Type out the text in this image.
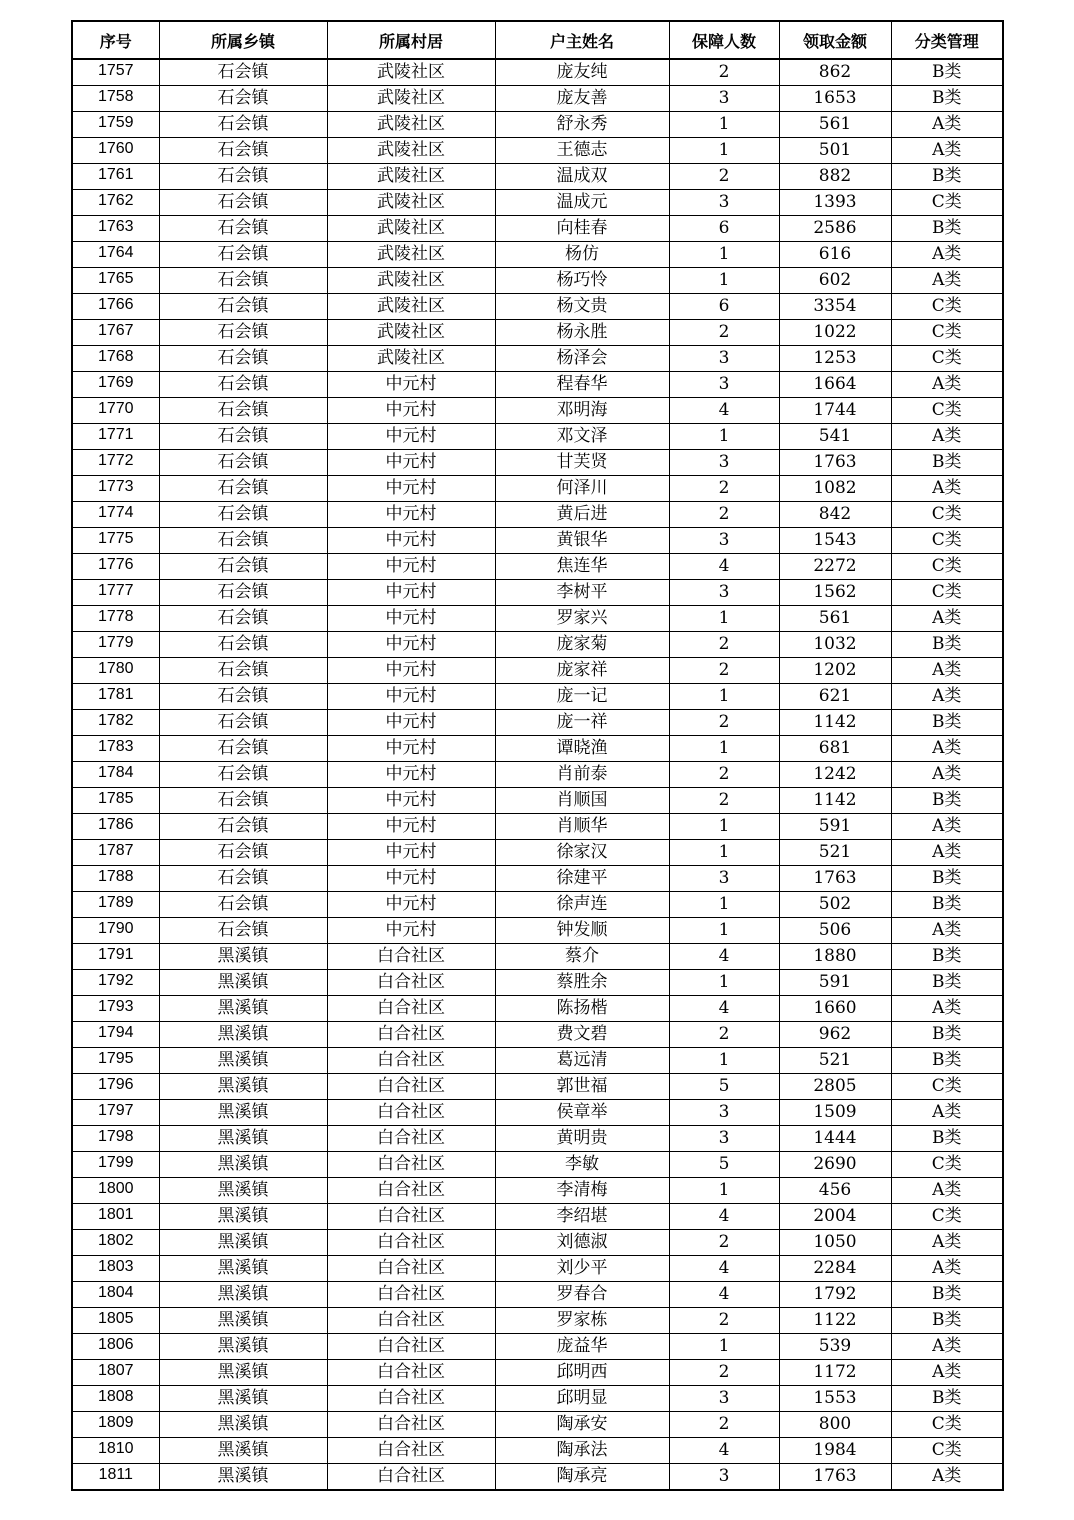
序号	所属乡镇	所属村居	户主姓名	保障人数	领取金额	分类管理
1757	石会镇	武陵社区	庞友纯	2	862	B类
1758	石会镇	武陵社区	庞友善	3	1653	B类
1759	石会镇	武陵社区	舒永秀	1	561	A类
1760	石会镇	武陵社区	王德志	1	501	A类
1761	石会镇	武陵社区	温成双	2	882	B类
1762	石会镇	武陵社区	温成元	3	1393	C类
1763	石会镇	武陵社区	向桂春	6	2586	B类
1764	石会镇	武陵社区	杨仿	1	616	A类
1765	石会镇	武陵社区	杨巧怜	1	602	A类
1766	石会镇	武陵社区	杨文贵	6	3354	C类
1767	石会镇	武陵社区	杨永胜	2	1022	C类
1768	石会镇	武陵社区	杨泽会	3	1253	C类
1769	石会镇	中元村	程春华	3	1664	A类
1770	石会镇	中元村	邓明海	4	1744	C类
1771	石会镇	中元村	邓文泽	1	541	A类
1772	石会镇	中元村	甘芙贤	3	1763	B类
1773	石会镇	中元村	何泽川	2	1082	A类
1774	石会镇	中元村	黄后进	2	842	C类
1775	石会镇	中元村	黄银华	3	1543	C类
1776	石会镇	中元村	焦连华	4	2272	C类
1777	石会镇	中元村	李树平	3	1562	C类
1778	石会镇	中元村	罗家兴	1	561	A类
1779	石会镇	中元村	庞家菊	2	1032	B类
1780	石会镇	中元村	庞家祥	2	1202	A类
1781	石会镇	中元村	庞一记	1	621	A类
1782	石会镇	中元村	庞一祥	2	1142	B类
1783	石会镇	中元村	谭晓渔	1	681	A类
1784	石会镇	中元村	肖前泰	2	1242	A类
1785	石会镇	中元村	肖顺国	2	1142	B类
1786	石会镇	中元村	肖顺华	1	591	A类
1787	石会镇	中元村	徐家汉	1	521	A类
1788	石会镇	中元村	徐建平	3	1763	B类
1789	石会镇	中元村	徐声连	1	502	B类
1790	石会镇	中元村	钟发顺	1	506	A类
1791	黑溪镇	白合社区	蔡介	4	1880	B类
1792	黑溪镇	白合社区	蔡胜余	1	591	B类
1793	黑溪镇	白合社区	陈扬楷	4	1660	A类
1794	黑溪镇	白合社区	费文碧	2	962	B类
1795	黑溪镇	白合社区	葛远清	1	521	B类
1796	黑溪镇	白合社区	郭世福	5	2805	C类
1797	黑溪镇	白合社区	侯章举	3	1509	A类
1798	黑溪镇	白合社区	黄明贵	3	1444	B类
1799	黑溪镇	白合社区	李敏	5	2690	C类
1800	黑溪镇	白合社区	李清梅	1	456	A类
1801	黑溪镇	白合社区	李绍堪	4	2004	C类
1802	黑溪镇	白合社区	刘德淑	2	1050	A类
1803	黑溪镇	白合社区	刘少平	4	2284	A类
1804	黑溪镇	白合社区	罗春合	4	1792	B类
1805	黑溪镇	白合社区	罗家栋	2	1122	B类
1806	黑溪镇	白合社区	庞益华	1	539	A类
1807	黑溪镇	白合社区	邱明西	2	1172	A类
1808	黑溪镇	白合社区	邱明显	3	1553	B类
1809	黑溪镇	白合社区	陶承安	2	800	C类
1810	黑溪镇	白合社区	陶承法	4	1984	C类
1811	黑溪镇	白合社区	陶承亮	3	1763	A类
